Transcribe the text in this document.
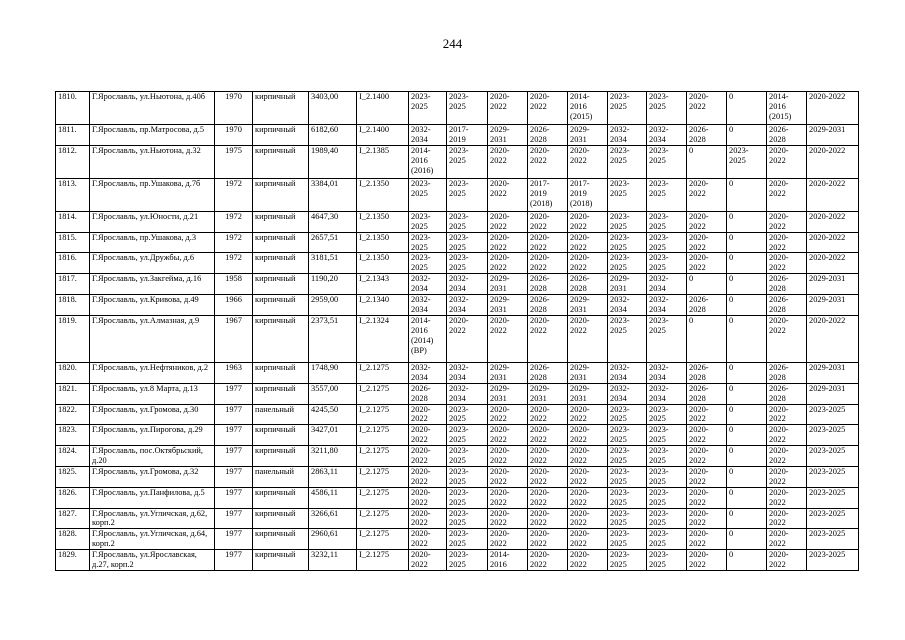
244
1810.	Г.Ярославль, ул.Ньютона, д.40б	1970	кирпичный	3403,00	I_2.1400	2023-2025	2023-2025	2020-2022	2020-2022	2014-2016 (2015)	2023-2025	2023-2025	2020-2022	0	2014-2016 (2015)	2020-2022
1811.	Г.Ярославль, пр.Матросова, д.5	1970	кирпичный	6182,60	I_2.1400	2032-2034	2017-2019	2029-2031	2026-2028	2029-2031	2032-2034	2032-2034	2026-2028	0	2026-2028	2029-2031
1812.	Г.Ярославль, ул.Ньютона, д.32	1975	кирпичный	1989,40	I_2.1385	2014-2016 (2016)	2023-2025	2020-2022	2020-2022	2020-2022	2023-2025	2023-2025	0	2023-2025	2020-2022	2020-2022
1813.	Г.Ярославль, пр.Ушакова, д.7б	1972	кирпичный	3384,01	I_2.1350	2023-2025	2023-2025	2020-2022	2017-2019 (2018)	2017-2019 (2018)	2023-2025	2023-2025	2020-2022	0	2020-2022	2020-2022
1814.	Г.Ярославль, ул.Юности, д.21	1972	кирпичный	4647,30	I_2.1350	2023-2025	2023-2025	2020-2022	2020-2022	2020-2022	2023-2025	2023-2025	2020-2022	0	2020-2022	2020-2022
1815.	Г.Ярославль, пр.Ушакова, д.3	1972	кирпичный	2657,51	I_2.1350	2023-2025	2023-2025	2020-2022	2020-2022	2020-2022	2023-2025	2023-2025	2020-2022	0	2020-2022	2020-2022
1816.	Г.Ярославль, ул.Дружбы, д.6	1972	кирпичный	3181,51	I_2.1350	2023-2025	2023-2025	2020-2022	2020-2022	2020-2022	2023-2025	2023-2025	2020-2022	0	2020-2022	2020-2022
1817.	Г.Ярославль, ул.Закгейма, д.16	1958	кирпичный	1190,20	I_2.1343	2032-2034	2032-2034	2029-2031	2026-2028	2026-2028	2029-2031	2032-2034	0	0	2026-2028	2029-2031
1818.	Г.Ярославль, ул.Кривова, д.49	1966	кирпичный	2959,00	I_2.1340	2032-2034	2032-2034	2029-2031	2026-2028	2029-2031	2032-2034	2032-2034	2026-2028	0	2026-2028	2029-2031
1819.	Г.Ярославль, ул.Алмазная, д.9	1967	кирпичный	2373,51	I_2.1324	2014-2016 (2014) (ВР)	2020-2022	2020-2022	2020-2022	2020-2022	2023-2025	2023-2025	0	0	2020-2022	2020-2022
1820.	Г.Ярославль, ул.Нефтяников, д.2	1963	кирпичный	1748,90	I_2.1275	2032-2034	2032-2034	2029-2031	2026-2028	2029-2031	2032-2034	2032-2034	2026-2028	0	2026-2028	2029-2031
1821.	Г.Ярославль, ул.8 Марта, д.13	1977	кирпичный	3557,00	I_2.1275	2026-2028	2032-2034	2029-2031	2029-2031	2029-2031	2032-2034	2032-2034	2026-2028	0	2026-2028	2029-2031
1822.	Г.Ярославль, ул.Громова, д.30	1977	панельный	4245,50	I_2.1275	2020-2022	2023-2025	2020-2022	2020-2022	2020-2022	2023-2025	2023-2025	2020-2022	0	2020-2022	2023-2025
1823.	Г.Ярославль, ул.Пирогова, д.29	1977	кирпичный	3427,01	I_2.1275	2020-2022	2023-2025	2020-2022	2020-2022	2020-2022	2023-2025	2023-2025	2020-2022	0	2020-2022	2023-2025
1824.	Г.Ярославль, пос.Октябрьский, д.20	1977	кирпичный	3211,80	I_2.1275	2020-2022	2023-2025	2020-2022	2020-2022	2020-2022	2023-2025	2023-2025	2020-2022	0	2020-2022	2023-2025
1825.	Г.Ярославль, ул.Громова, д.32	1977	панельный	2863,11	I_2.1275	2020-2022	2023-2025	2020-2022	2020-2022	2020-2022	2023-2025	2023-2025	2020-2022	0	2020-2022	2023-2025
1826.	Г.Ярославль, ул.Панфилова, д.5	1977	кирпичный	4586,11	I_2.1275	2020-2022	2023-2025	2020-2022	2020-2022	2020-2022	2023-2025	2023-2025	2020-2022	0	2020-2022	2023-2025
1827.	Г.Ярославль, ул.Угличская, д.62, корп.2	1977	кирпичный	3266,61	I_2.1275	2020-2022	2023-2025	2020-2022	2020-2022	2020-2022	2023-2025	2023-2025	2020-2022	0	2020-2022	2023-2025
1828.	Г.Ярославль, ул.Угличская, д.64, корп.2	1977	кирпичный	2960,61	I_2.1275	2020-2022	2023-2025	2020-2022	2020-2022	2020-2022	2023-2025	2023-2025	2020-2022	0	2020-2022	2023-2025
1829.	Г.Ярославль, ул.Ярославская, д.27, корп.2	1977	кирпичный	3232,11	I_2.1275	2020-2022	2023-2025	2014-2016	2020-2022	2020-2022	2023-2025	2023-2025	2020-2022	0	2020-2022	2023-2025
